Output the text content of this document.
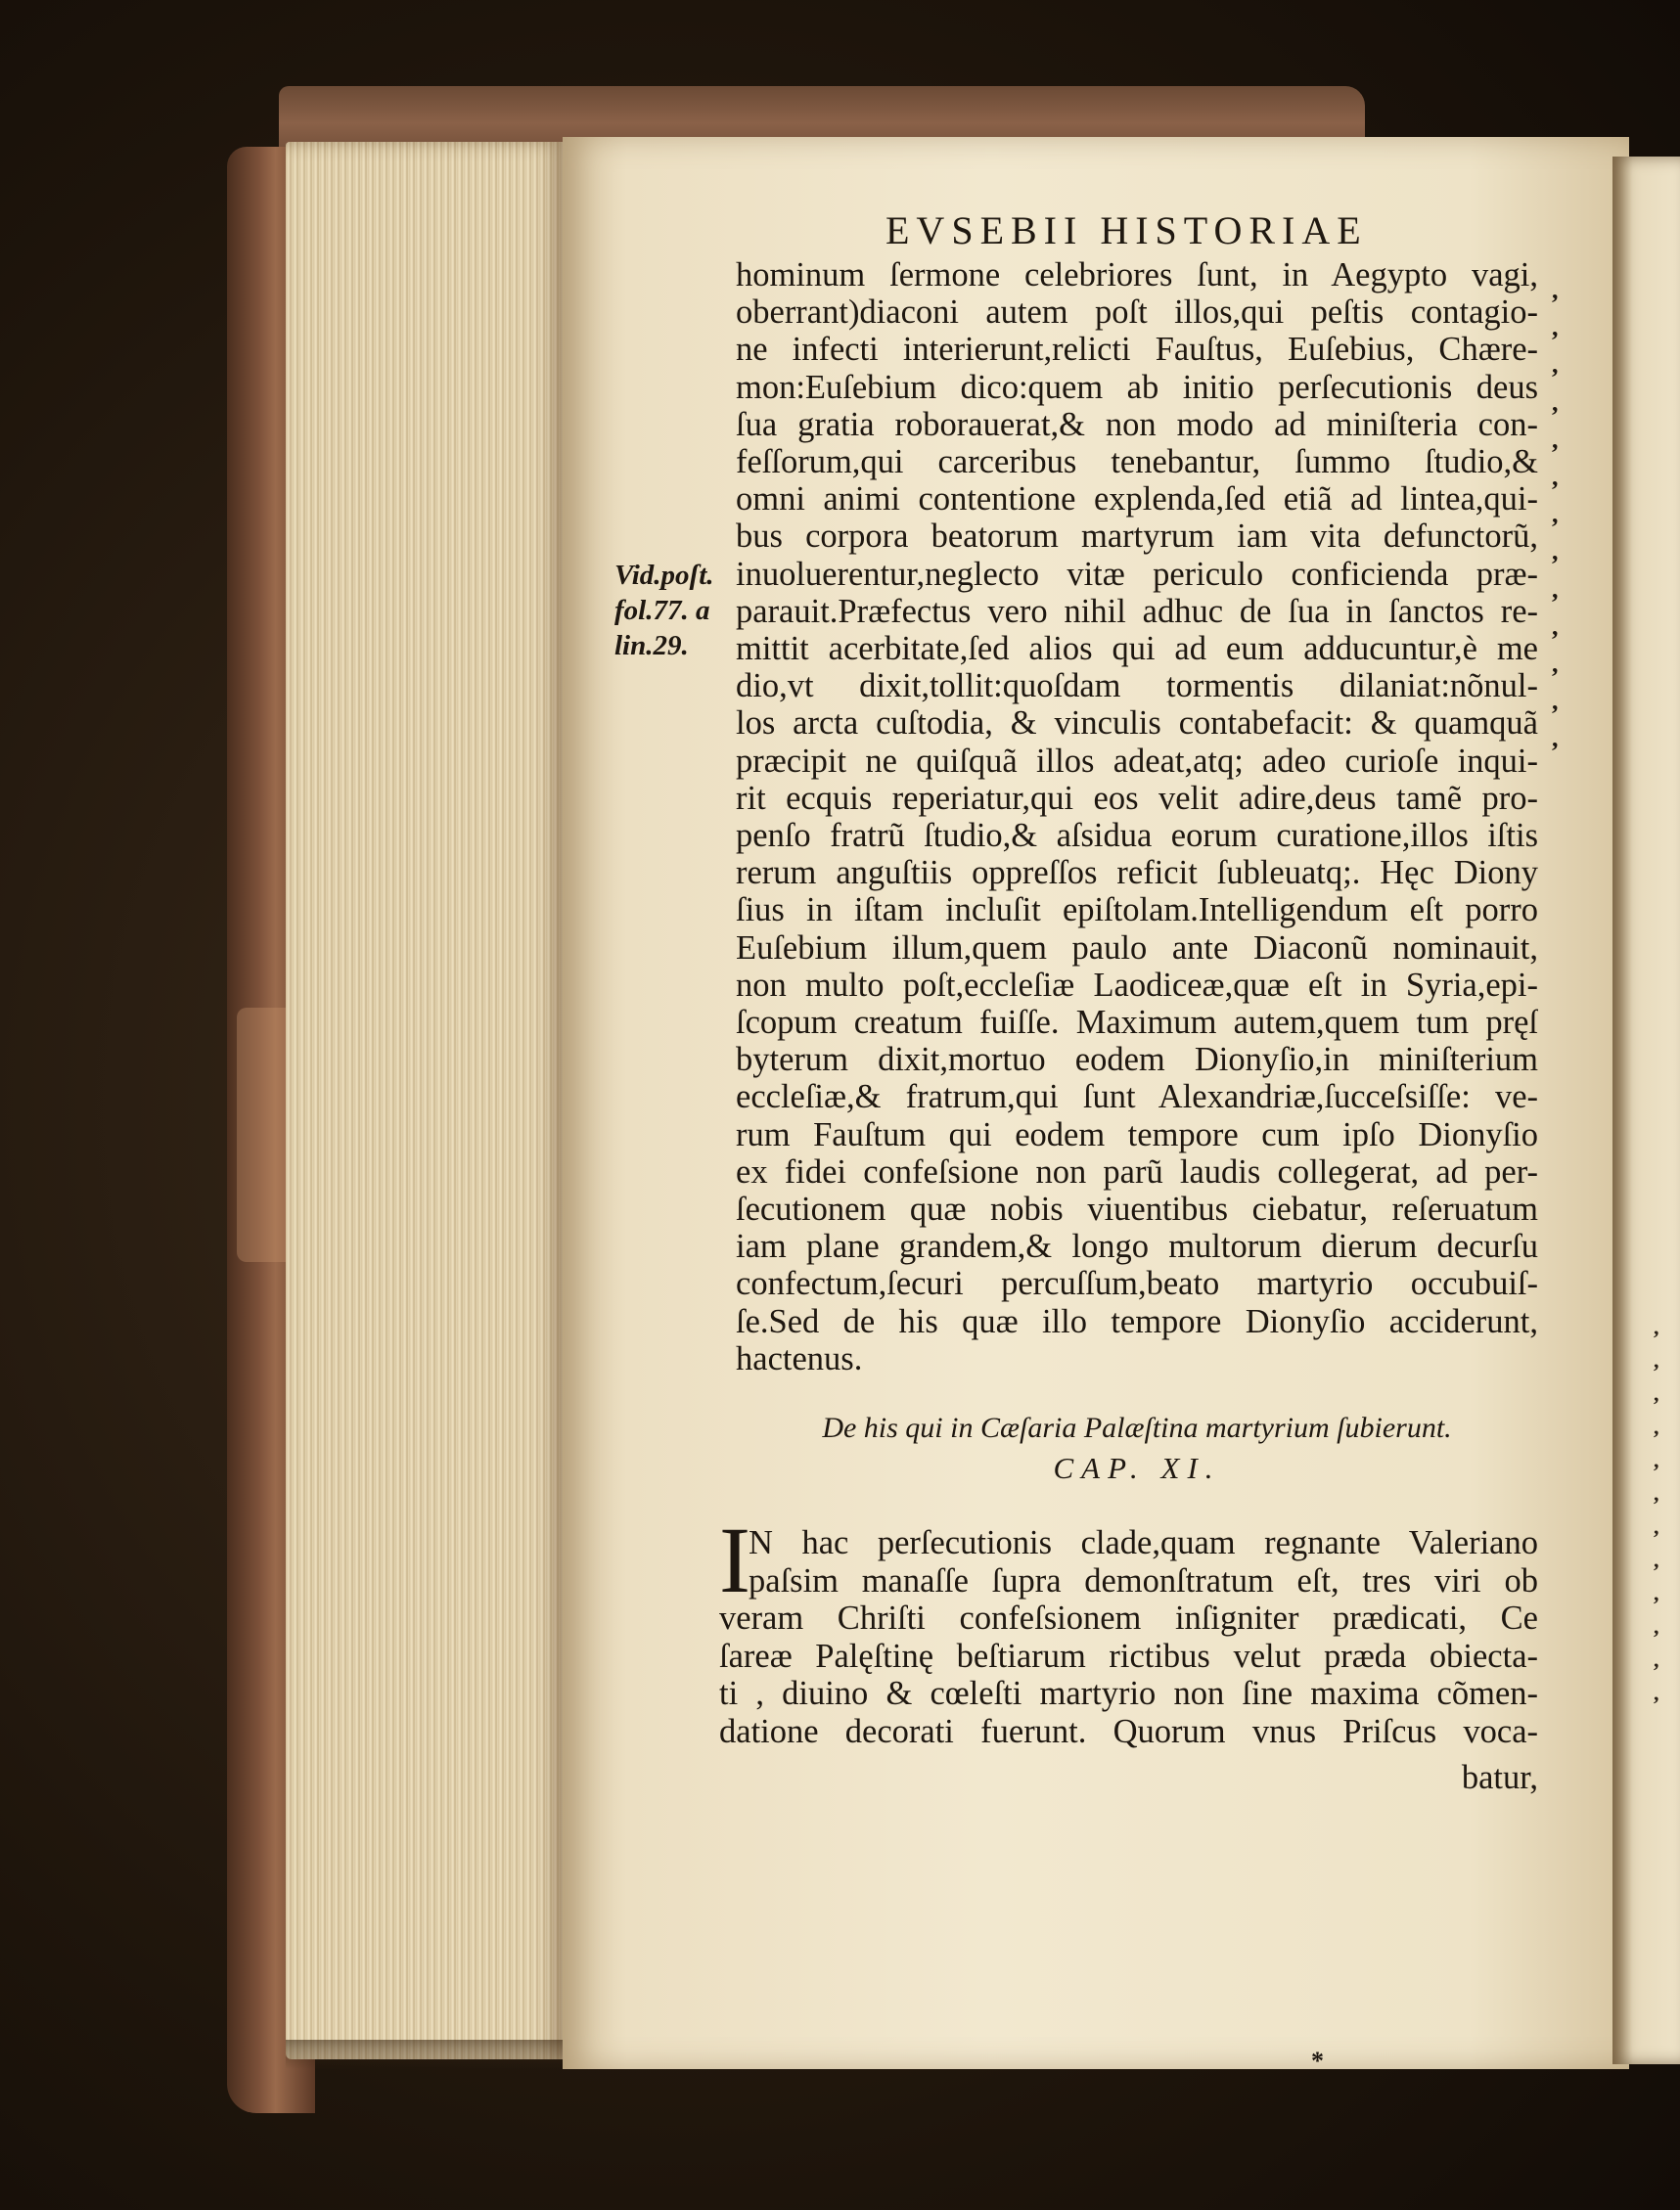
,
,
,
,
,
,
,
,
,
,
,
,
EVSEBII HISTORIAE
hominum ſermone celebriores ſunt, in Aegypto vagi,
oberrant)diaconi autem poſt illos,qui peſtis contagio-
ne infecti interierunt,relicti Fauſtus, Euſebius, Chære-
mon:Euſebium dico:quem ab initio perſecutionis deus
ſua gratia roborauerat,& non modo ad miniſteria con-
feſſorum,qui carceribus tenebantur, ſummo ſtudio,&
omni animi contentione explenda,ſed etiã ad lintea,qui-
bus corpora beatorum martyrum iam vita defunctorũ,
inuoluerentur,neglecto vitæ periculo conficienda præ-
parauit.Præfectus vero nihil adhuc de ſua in ſanctos re-
mittit acerbitate,ſed alios qui ad eum adducuntur,è me
dio,vt dixit,tollit:quoſdam tormentis dilaniat:nõnul-
los arcta cuſtodia, & vinculis contabefacit: & quamquã
præcipit ne quiſquã illos adeat,atq; adeo curioſe inqui-
rit ecquis reperiatur,qui eos velit adire,deus tamẽ pro-
penſo fratrũ ſtudio,& aſsidua eorum curatione,illos iſtis
rerum anguſtiis oppreſſos reficit ſubleuatq;. Hęc Diony
ſius in iſtam incluſit epiſtolam.Intelligendum eſt porro
Euſebium illum,quem paulo ante Diaconũ nominauit,
non multo poſt,eccleſiæ Laodiceæ,quæ eſt in Syria,epi-
ſcopum creatum fuiſſe. Maximum autem,quem tum pręſ
byterum dixit,mortuo eodem Dionyſio,in miniſterium
eccleſiæ,& fratrum,qui ſunt Alexandriæ,ſucceſsiſſe: ve-
rum Fauſtum qui eodem tempore cum ipſo Dionyſio
ex fidei confeſsione non parũ laudis collegerat, ad per-
ſecutionem quæ nobis viuentibus ciebatur, reſeruatum
iam plane grandem,& longo multorum dierum decurſu
confectum,ſecuri percuſſum,beato martyrio occubuiſ-
ſe.Sed de his quæ illo tempore Dionyſio acciderunt,
hactenus.
Vid.poſt.
fol.77. a
lin.29.
,
,
,
,
,
,
,
,
,
,
,
,
,
De his qui in Cæſaria Palæſtina martyrium ſubierunt.
CAP. XI.
I
N hac perſecutionis clade,quam regnante Valeriano
paſsim manaſſe ſupra demonſtratum eſt, tres viri ob
veram Chriſti confeſsionem inſigniter prædicati, Ce
ſareæ Palęſtinę beſtiarum rictibus velut præda obiecta-
ti , diuino & cœleſti martyrio non ſine maxima cõmen-
datione decorati fuerunt. Quorum vnus Priſcus voca-
batur,
*
